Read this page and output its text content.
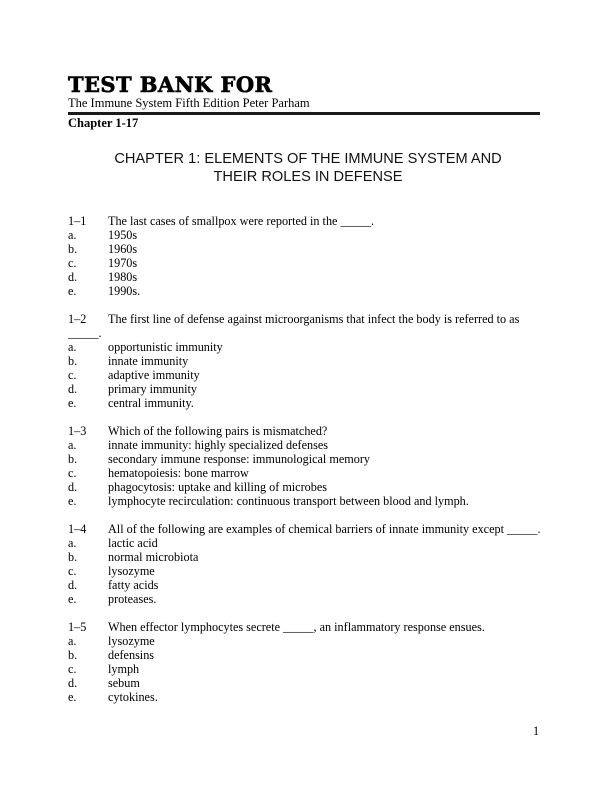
TEST BANK FOR
The Immune System Fifth Edition Peter Parham
Chapter 1-17
CHAPTER 1: ELEMENTS OF THE IMMUNE SYSTEM AND
THEIR ROLES IN DEFENSE
1–1 The last cases of smallpox were reported in the _____.
a.	1950s
b.	1960s
c.	1970s
d.	1980s
e.	1990s.
1–2 The first line of defense against microorganisms that infect the body is referred to as _____.
a.	opportunistic immunity
b.	innate immunity
c.	adaptive immunity
d.	primary immunity
e.	central immunity.
1–3 Which of the following pairs is mismatched?
a.	innate immunity: highly specialized defenses
b.	secondary immune response: immunological memory
c.	hematopoiesis: bone marrow
d.	phagocytosis: uptake and killing of microbes
e.	lymphocyte recirculation: continuous transport between blood and lymph.
1–4 All of the following are examples of chemical barriers of innate immunity except _____.
a.	lactic acid
b.	normal microbiota
c.	lysozyme
d.	fatty acids
e.	proteases.
1–5 When effector lymphocytes secrete _____, an inflammatory response ensues.
a.	lysozyme
b.	defensins
c.	lymph
d.	sebum
e.	cytokines.
1
